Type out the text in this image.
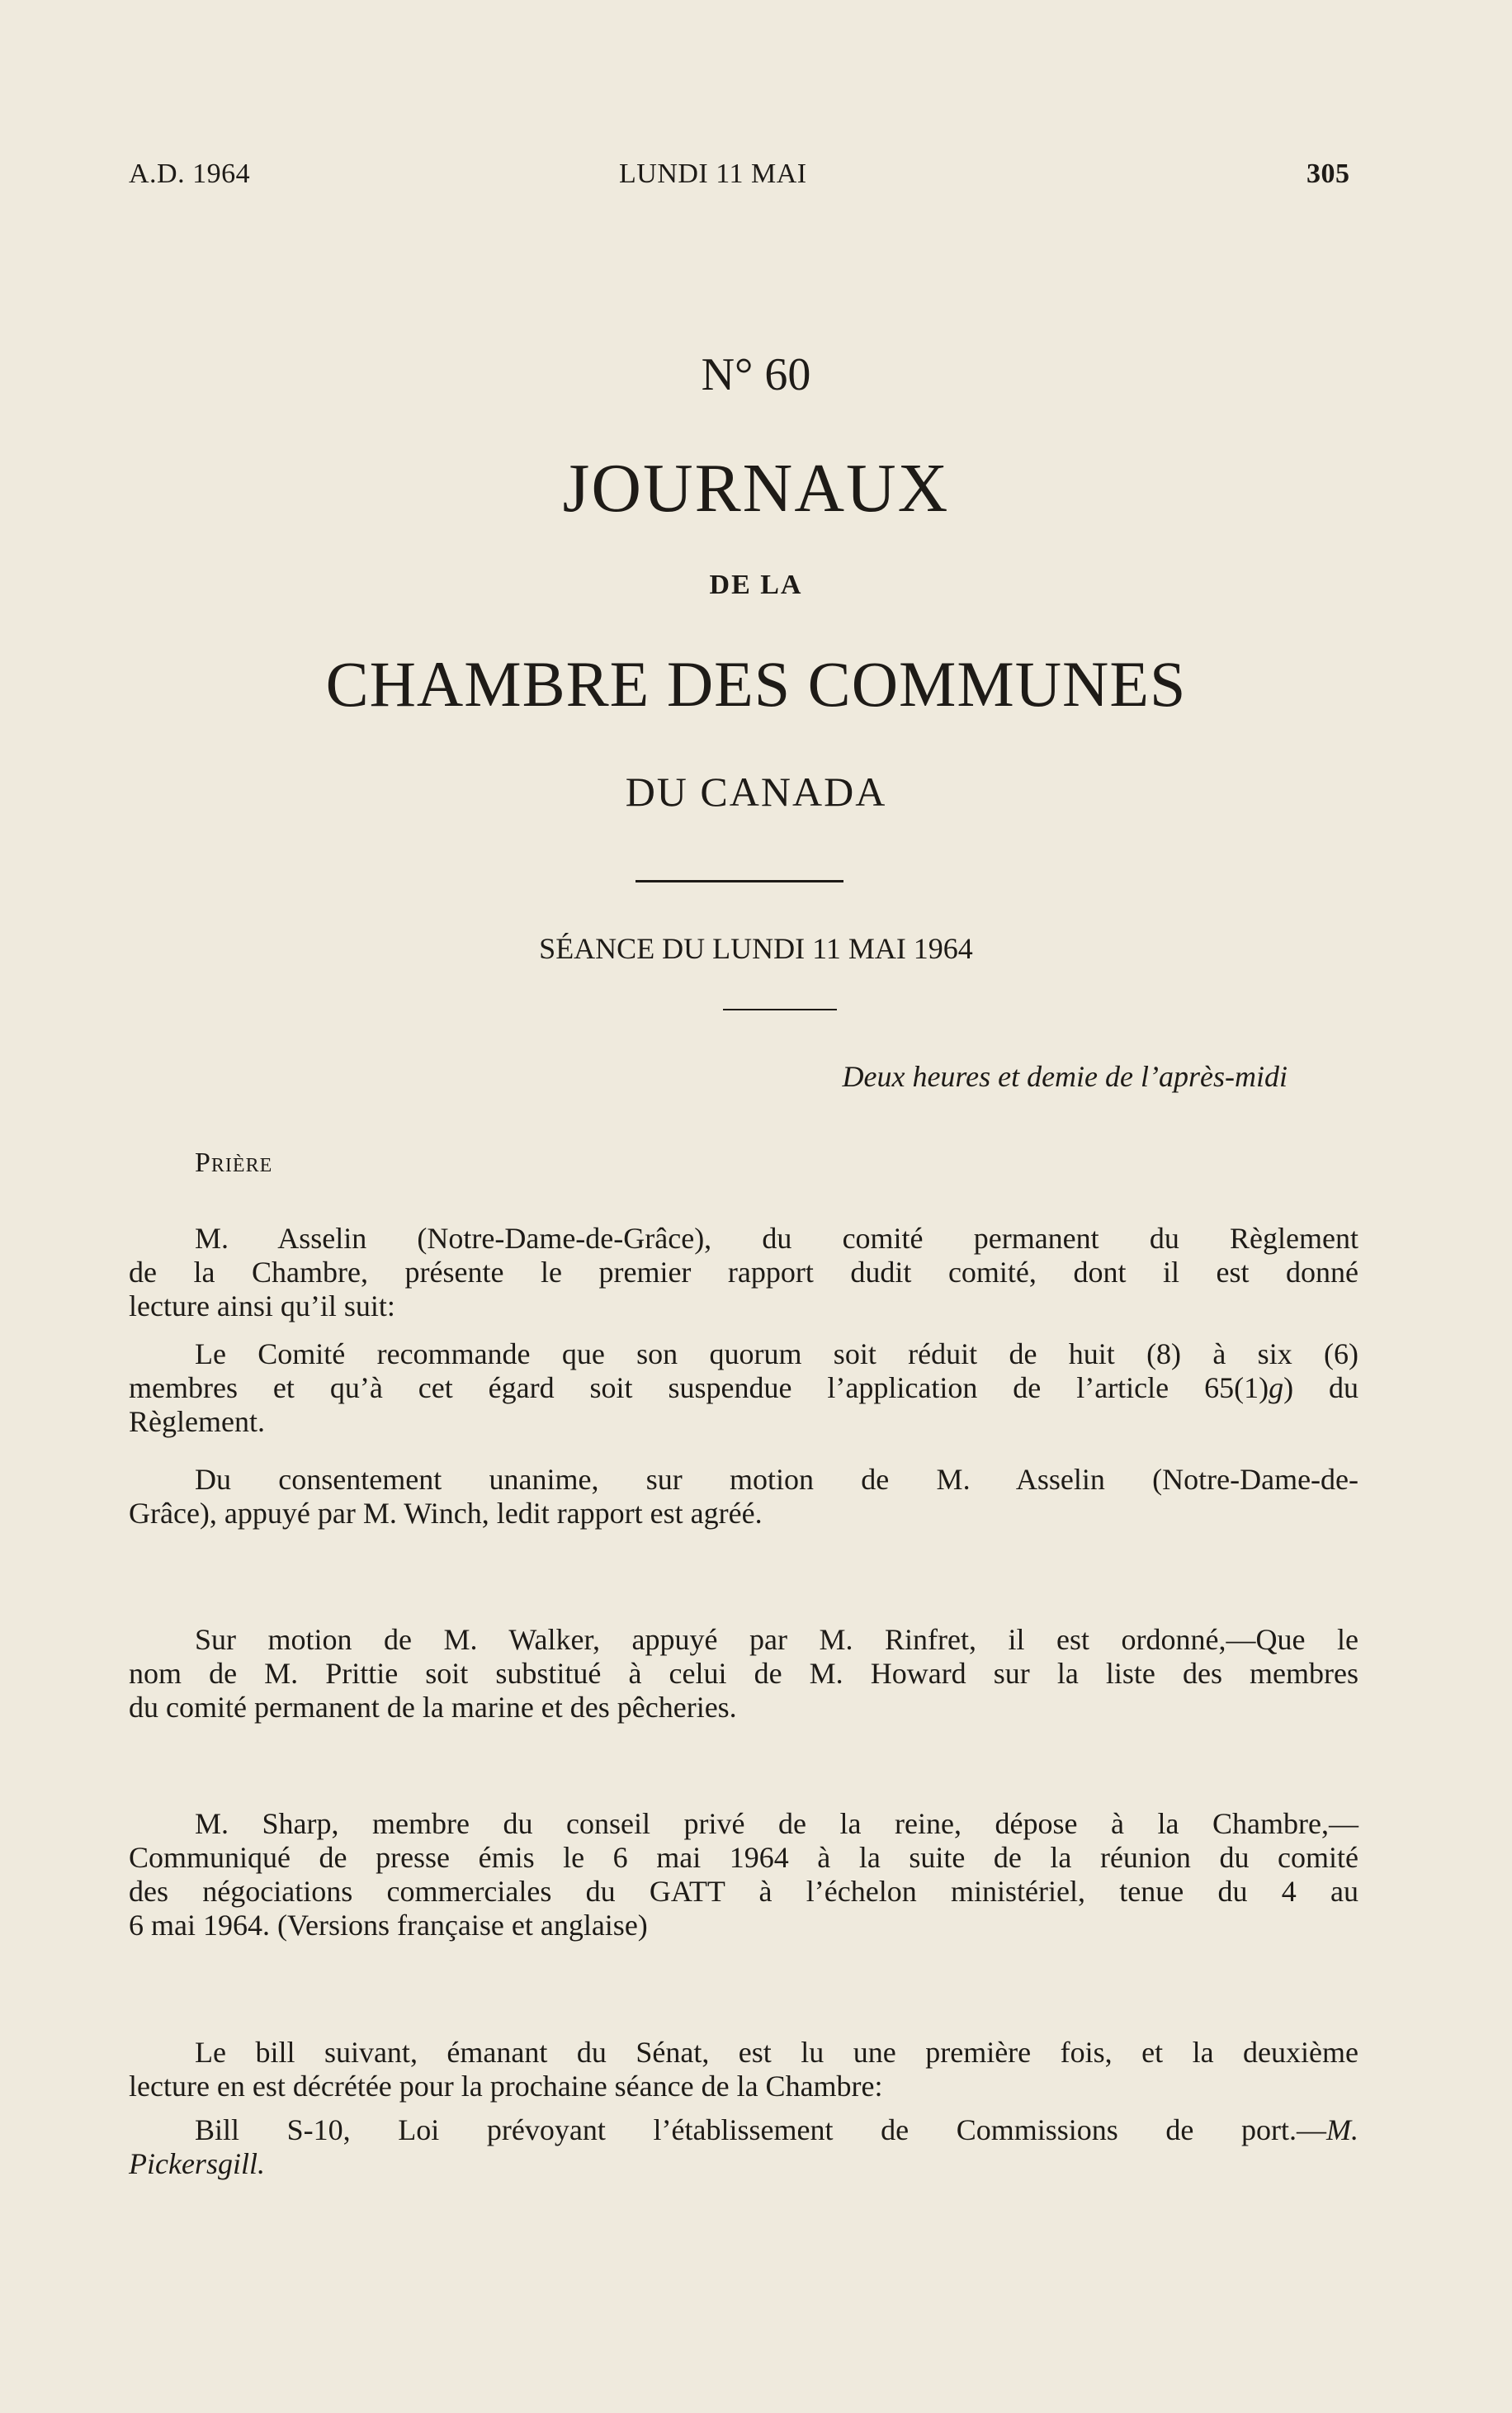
A.D. 1964	LUNDI 11 MAI	305
N° 60
JOURNAUX
DE LA
CHAMBRE DES COMMUNES
DU CANADA
SÉANCE DU LUNDI 11 MAI 1964
Deux heures et demie de l’après-midi
Prière
M. Asselin (Notre-Dame-de-Grâce), du comité permanent du Règlement
de la Chambre, présente le premier rapport dudit comité, dont il est donné
lecture ainsi qu’il suit:
Le Comité recommande que son quorum soit réduit de huit (8) à six (6)
membres et qu’à cet égard soit suspendue l’application de l’article 65(1)g) du
Règlement.
Du consentement unanime, sur motion de M. Asselin (Notre-Dame-de-
Grâce), appuyé par M. Winch, ledit rapport est agréé.
Sur motion de M. Walker, appuyé par M. Rinfret, il est ordonné,—Que le
nom de M. Prittie soit substitué à celui de M. Howard sur la liste des membres
du comité permanent de la marine et des pêcheries.
M. Sharp, membre du conseil privé de la reine, dépose à la Chambre,—
Communiqué de presse émis le 6 mai 1964 à la suite de la réunion du comité
des négociations commerciales du GATT à l’échelon ministériel, tenue du 4 au
6 mai 1964. (Versions française et anglaise)
Le bill suivant, émanant du Sénat, est lu une première fois, et la deuxième
lecture en est décrétée pour la prochaine séance de la Chambre:
Bill S-10, Loi prévoyant l’établissement de Commissions de port.—M.
Pickersgill.
